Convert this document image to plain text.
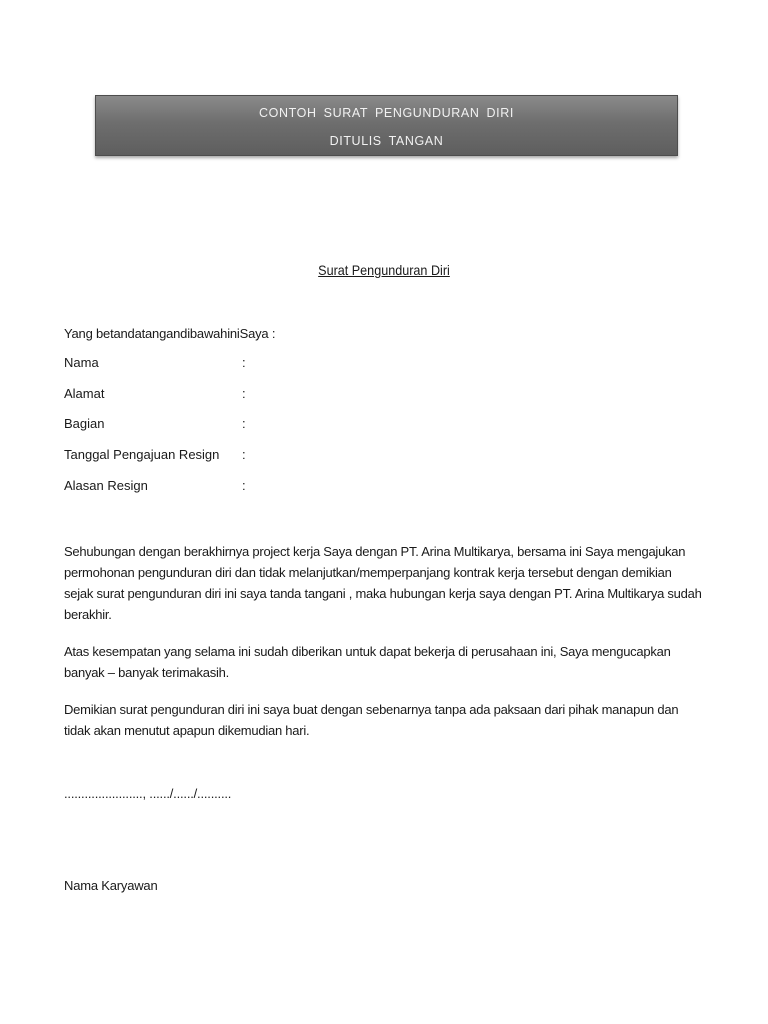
CONTOH SURAT PENGUNDURAN DIRI
DITULIS TANGAN
Surat Pengunduran Diri
Yang betandatangandibawahiniSaya :
Nama	:
Alamat	:
Bagian	:
Tanggal Pengajuan Resign :
Alasan Resign	:
Sehubungan dengan berakhirnya project kerja Saya dengan PT. Arina Multikarya, bersama ini Saya mengajukan permohonan pengunduran diri dan tidak melanjutkan/memperpanjang kontrak kerja tersebut dengan demikian sejak surat pengunduran diri ini saya tanda tangani , maka hubungan kerja saya dengan PT. Arina Multikarya sudah berakhir.
Atas kesempatan yang selama ini sudah diberikan untuk dapat bekerja di perusahaan ini, Saya mengucapkan banyak – banyak terimakasih.
Demikian surat pengunduran diri ini saya buat dengan sebenarnya tanpa ada paksaan dari pihak manapun dan tidak akan menutut apapun dikemudian hari.
......................., ....../....../..........
Nama Karyawan
